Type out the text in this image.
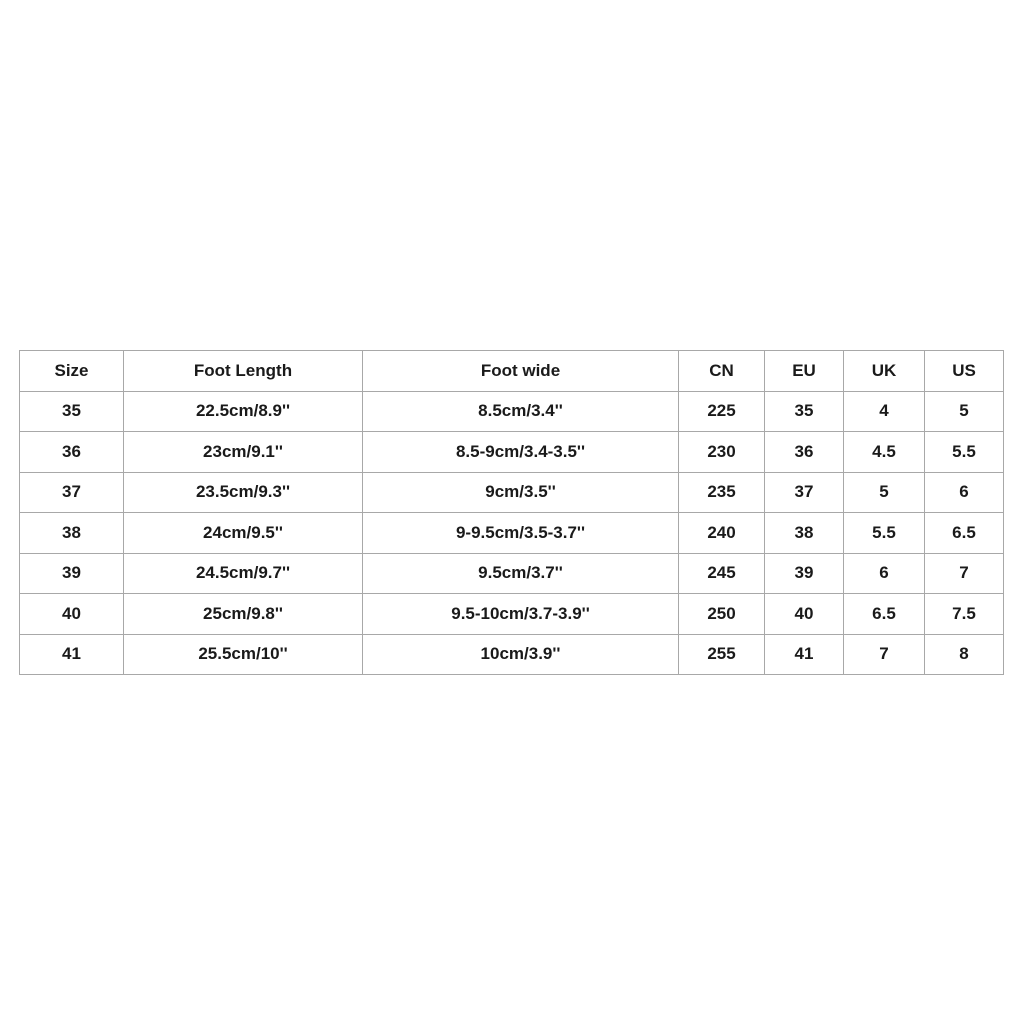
Size	Foot Length	Foot wide	CN	EU	UK	US
35	22.5cm/8.9''	8.5cm/3.4''	225	35	4	5
36	23cm/9.1''	8.5-9cm/3.4-3.5''	230	36	4.5	5.5
37	23.5cm/9.3''	9cm/3.5''	235	37	5	6
38	24cm/9.5''	9-9.5cm/3.5-3.7''	240	38	5.5	6.5
39	24.5cm/9.7''	9.5cm/3.7''	245	39	6	7
40	25cm/9.8''	9.5-10cm/3.7-3.9''	250	40	6.5	7.5
41	25.5cm/10''	10cm/3.9''	255	41	7	8
